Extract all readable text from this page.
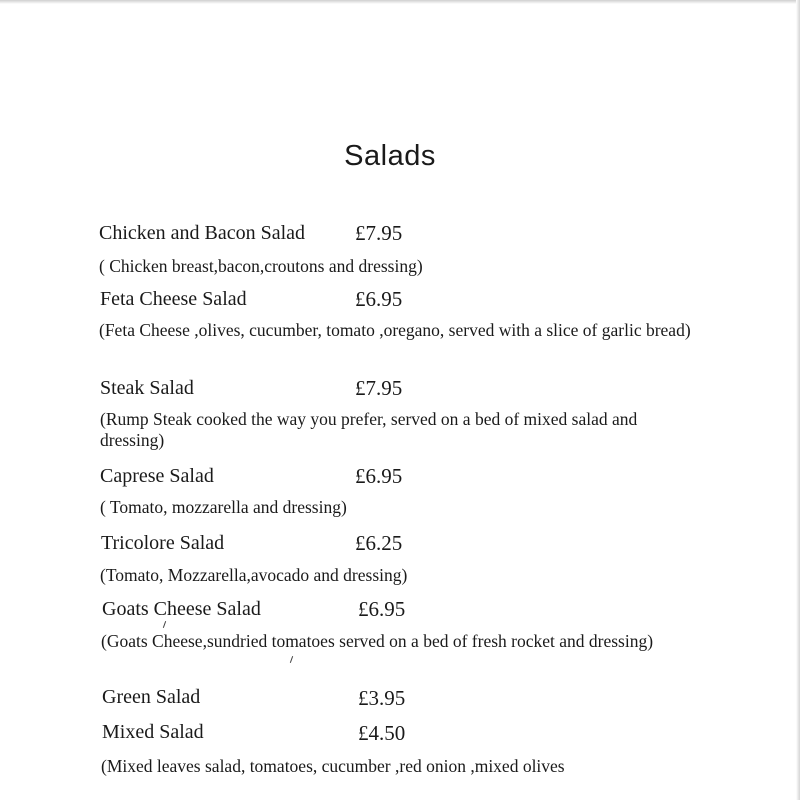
Salads
Chicken and Bacon Salad £7.95
( Chicken breast,bacon,croutons and dressing)
Feta Cheese Salad	£6.95
(Feta Cheese ,olives, cucumber, tomato ,oregano, served with a slice of garlic bread)
Steak Salad	£7.95
(Rump Steak cooked the way you prefer, served on a bed of mixed salad and dressing)
Caprese Salad	£6.95
( Tomato, mozzarella and dressing)
Tricolore Salad	£6.25
(Tomato, Mozzarella,avocado and dressing)
Goats Cheese Salad	£6.95
(Goats Cheese,sundried tomatoes served on a bed of fresh rocket and dressing)
Green Salad	£3.95
Mixed Salad	£4.50
(Mixed leaves salad, tomatoes, cucumber ,red onion ,mixed olives
